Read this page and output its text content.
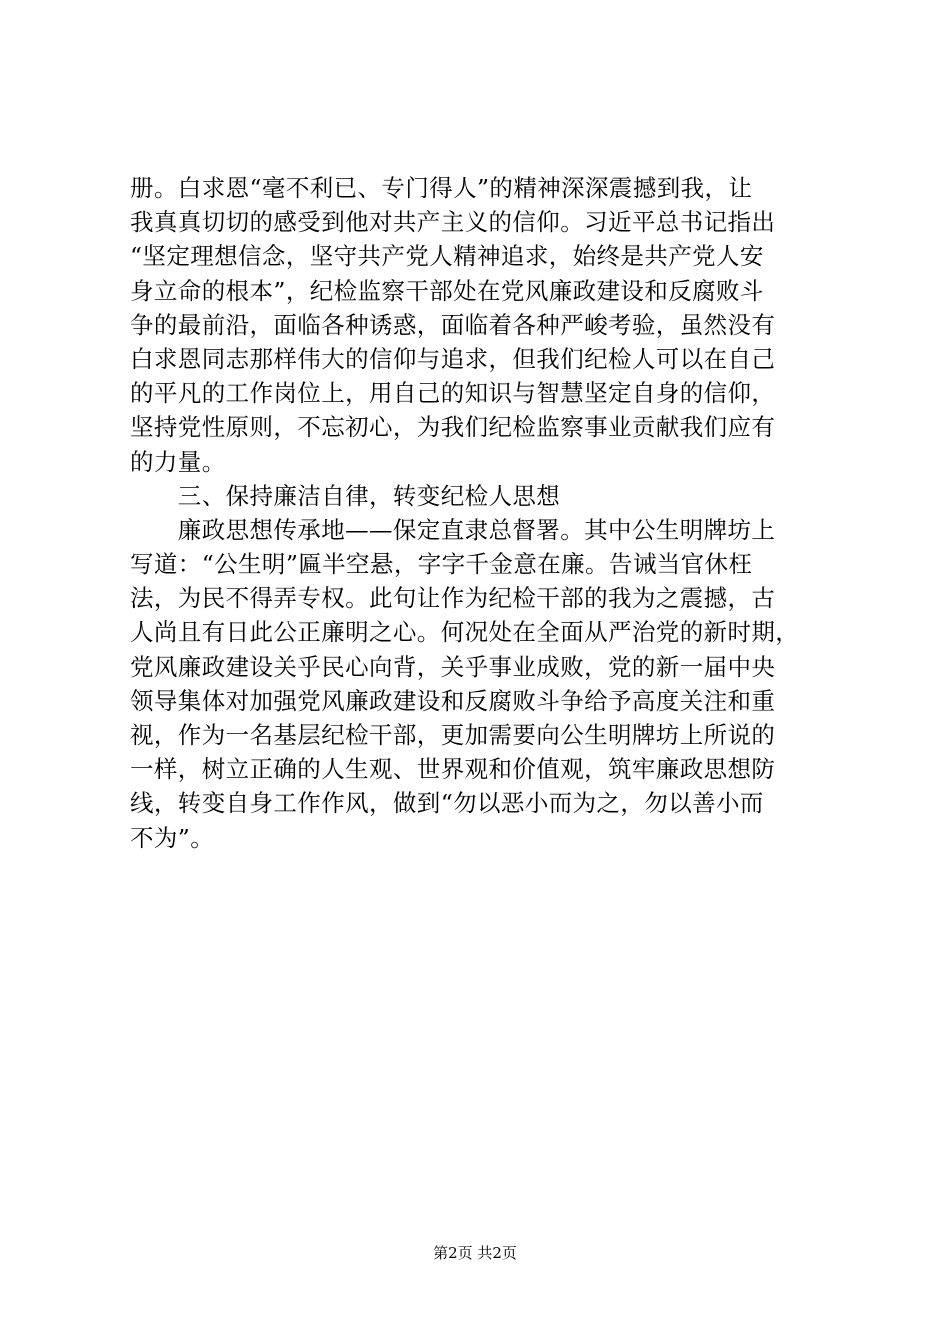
册。白求恩“毫不利已、专门得人”的精神深深震撼到我，让
我真真切切的感受到他对共产主义的信仰。习近平总书记指出
“坚定理想信念，坚守共产党人精神追求，始终是共产党人安
身立命的根本”，纪检监察干部处在党风廉政建设和反腐败斗
争的最前沿，面临各种诱惑，面临着各种严峻考验，虽然没有
白求恩同志那样伟大的信仰与追求，但我们纪检人可以在自己
的平凡的工作岗位上，用自己的知识与智慧坚定自身的信仰，
坚持党性原则，不忘初心，为我们纪检监察事业贡献我们应有
的力量。
　　三、保持廉洁自律，转变纪检人思想
　　廉政思想传承地——保定直隶总督署。其中公生明牌坊上
写道：“公生明”匾半空悬，字字千金意在廉。告诫当官休枉
法，为民不得弄专权。此句让作为纪检干部的我为之震撼，古
人尚且有日此公正廉明之心。何况处在全面从严治党的新时期，
党风廉政建设关乎民心向背，关乎事业成败，党的新一届中央
领导集体对加强党风廉政建设和反腐败斗争给予高度关注和重
视，作为一名基层纪检干部，更加需要向公生明牌坊上所说的
一样，树立正确的人生观、世界观和价值观，筑牢廉政思想防
线，转变自身工作作风，做到“勿以恶小而为之，勿以善小而
不为”。
第2页 共2页
